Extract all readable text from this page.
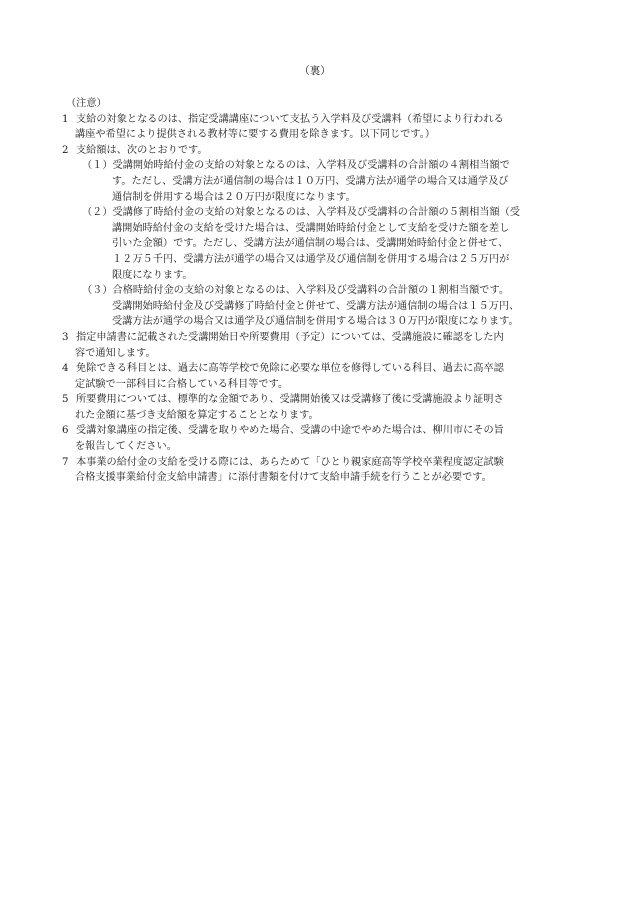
（裏）
（注意）
1 支給の対象となるのは、指定受講講座について支払う入学料及び受講料（希望により行われる
講座や希望により提供される教材等に要する費用を除きます。以下同じです。）
2 支給額は、次のとおりです。
（１）受講開始時給付金の支給の対象となるのは、入学料及び受講料の合計額の４割相当額で
す。ただし、受講方法が通信制の場合は１０万円、受講方法が通学の場合又は通学及び
通信制を併用する場合は２０万円が限度になります。
（２）受講修了時給付金の支給の対象となるのは、入学料及び受講料の合計額の５割相当額（受
講開始時給付金の支給を受けた場合は、受講開始時給付金として支給を受けた額を差し
引いた金額）です。ただし、受講方法が通信制の場合は、受講開始時給付金と併せて、
１２万５千円、受講方法が通学の場合又は通学及び通信制を併用する場合は２５万円が
限度になります。
（３）合格時給付金の支給の対象となるのは、入学料及び受講料の合計額の１割相当額です。
受講開始時給付金及び受講修了時給付金と併せて、受講方法が通信制の場合は１５万円、
受講方法が通学の場合又は通学及び通信制を併用する場合は３０万円が限度になります。
3 指定申請書に記載された受講開始日や所要費用（予定）については、受講施設に確認をした内
容で通知します。
4 免除できる科目とは、過去に高等学校で免除に必要な単位を修得している科目、過去に高卒認
定試験で一部科目に合格している科目等です。
5 所要費用については、標準的な金額であり、受講開始後又は受講修了後に受講施設より証明さ
れた金額に基づき支給額を算定することとなります。
6 受講対象講座の指定後、受講を取りやめた場合、受講の中途でやめた場合は、柳川市にその旨
を報告してください。
7 本事業の給付金の支給を受ける際には、あらためて「ひとり親家庭高等学校卒業程度認定試験
合格支援事業給付金支給申請書」に添付書類を付けて支給申請手続を行うことが必要です。
